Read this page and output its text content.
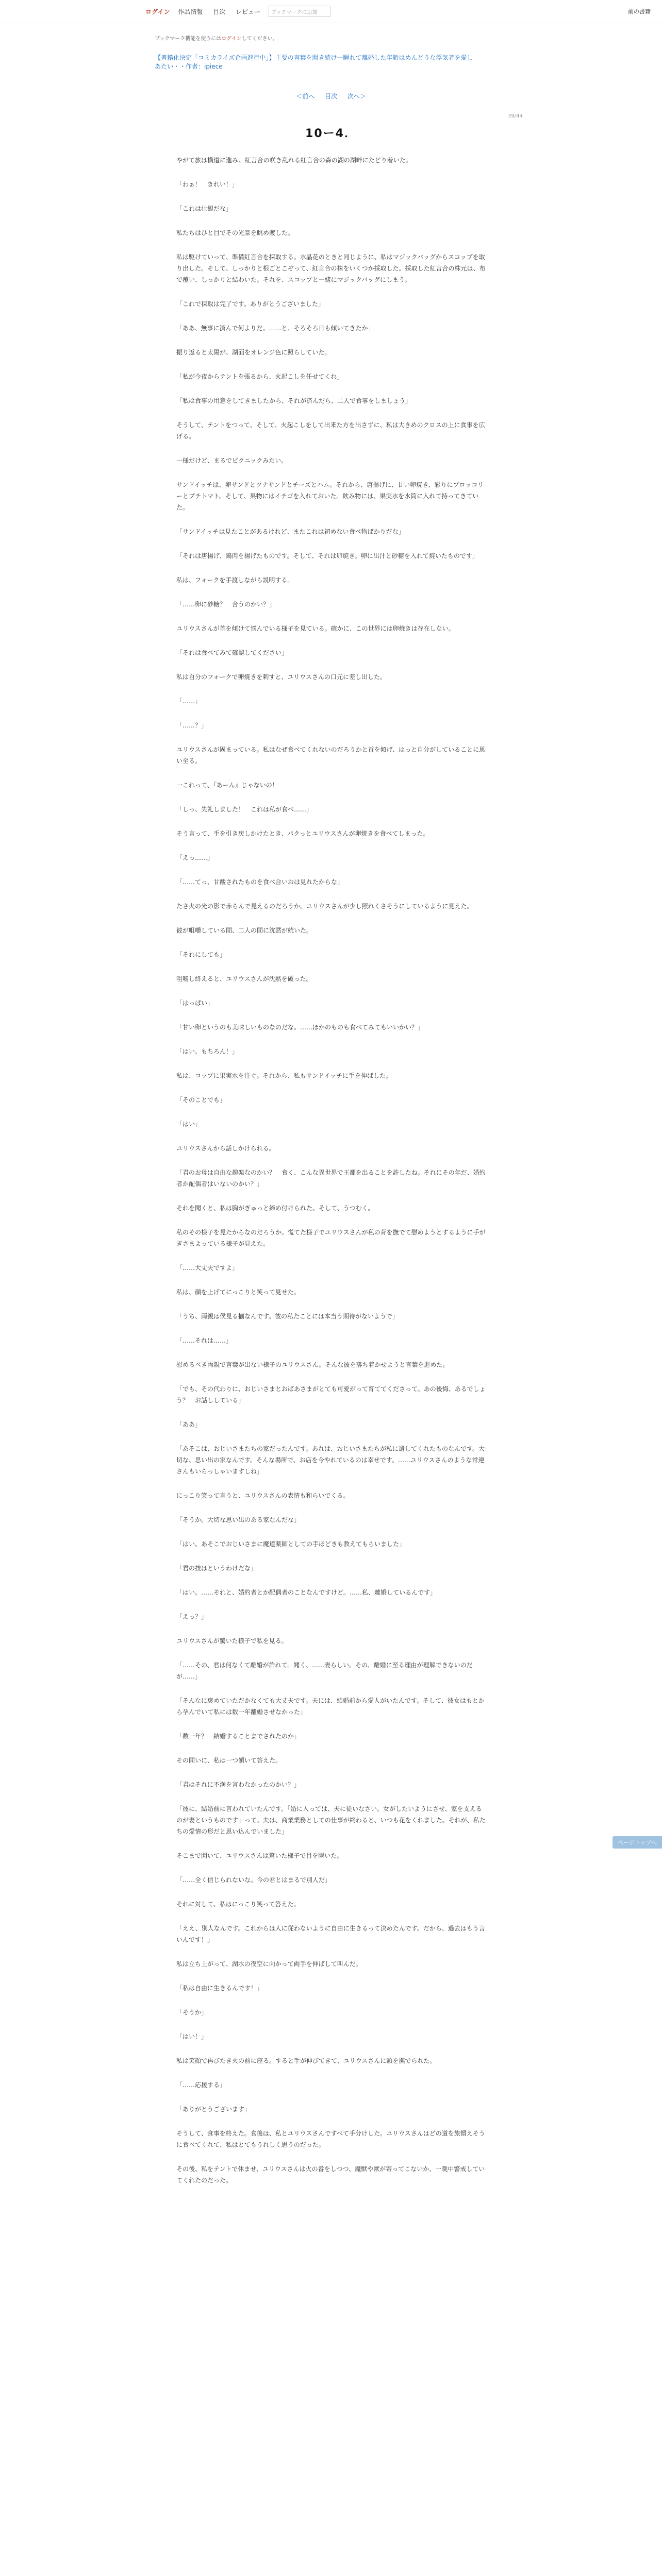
ログイン 作品情報 目次 レビュー	ブックマークに追加	前の書籍
ブックマーク機能を使うにはログインしてください。
【書籍化決定「コミカライズ企画進行中」】主要の言葉を聞き続け一瞬れて離婚した年齢はめんどうな浮気者を愛しあたい・・作者：ipiece
＜前へ 目次 次へ＞
39/44
10ー4．

やがて旅は横道に進み、紅言合の咲き乱れる紅言合の森の湖の湖畔にたどり着いた。

「わぁ！　きれい！」

「これは壮観だな」

私たちはひと目でその光景を眺め渡した。

私は駆けていって、準備紅言合を採取する。水晶花のときと同じように、私はマジックバッグからスコップを取り出した。そして、しっかりと根ごとこぞって、紅言合の株をいくつか採取した。採取した紅言合の株元は、布で覆い、しっかりと結わいた。それを、スコップと一緒にマジックバッグにしまう。

「これで採取は完了です。ありがとうございました」

「ああ、無事に済んで何よりだ。……と、そろそろ日も傾いてきたか」

振り返ると太陽が、湖面をオレンジ色に照らしていた。

「私が今夜からテントを張るから、火起こしを任せてくれ」

「私は食事の用意をしてきましたから、それが済んだら、二人で食事をしましょう」

そうして、テントをつって、そして、火起こしをして出来た方を出さずに、私は大きめのクロスの上に食事を広げる。

一様だけど、まるでピクニックみたい。

サンドイッチは、卵サンドとツナサンドとチーズとハム。それから、唐揚げに、甘い卵焼き、彩りにブロッコリーとプチトマト。そして、果物にはイチゴを入れておいた。飲み物には、果実水を水筒に入れて持ってきていた。

「サンドイッチは見たことがあるけれど、またこれは初めない食べ物ばかりだな」

「それは唐揚げ、鶏肉を揚げたものです。そして、それは卵焼き。卵に出汁と砂糖を入れて焼いたものです」

私は、フォークを手渡しながら説明する。

「……卵に砂糖？　合うのかい？」

ユリウスさんが首を傾けて悩んでいる様子を見ている。確かに、この世界には卵焼きは存在しない。

「それは食べてみて確認してください」

私は自分のフォークで卵焼きを刺すと、ユリウスさんの口元に差し出した。

「……」

「……？」

ユリウスさんが固まっている。私はなぜ食べてくれないのだろうかと首を傾げ、はっと自分がしていることに思い至る。

一これって、『あーん』じゃないの！

「しっ、失礼しました！　これは私が食べ……」

そう言って、手を引き戻しかけたとき、パクっとユリウスさんが卵焼きを食べてしまった。

「えっ……」

「……てっ、甘酸されたものを食べ合いおは見れたからな」

たさ火の光の影で赤らんで見えるのだろうか。ユリウスさんが少し照れくさそうにしているように見えた。

彼が咀嚼している間、二人の間に沈黙が続いた。

「それにしても」

咀嚼し終えると、ユリウスさんが沈黙を破った。

「はっぱい」

「甘い卵というのも美味しいものなのだな。……ほかのものも食べてみてもいいかい？」

「はい。もちろん！」

私は、コップに果実水を注ぐ。それから、私もサンドイッチに手を伸ばした。

「そのことでも」

「はい」

ユリウスさんから話しかけられる。

「君のお母は自由な趣楽なのかい？　食く、こんな異世界で王都を出ることを許したね。それにその年だ、婚約者か配偶者はいないのかい？」

それを聞くと、私は胸がぎゅっと締め付けられた。そして、うつむく。

私のその様子を見たからなのだろうか。慌てた様子でユリウスさんが私の背を撫でて慰めようとするように手がぎさまよっている様子が見えた。

「……大丈夫ですよ」

私は、顔を上げてにっこりと笑って見せた。

「うち、両親は侯見る揃なんです。彼の私たことには本当う期待がないようで」

「……それは……」

慰めるべき両親で言葉が出ない様子のユリウスさん。そんな彼を落ち着かせようと言葉を進めた。

「でも、その代わりに、おじいさまとおばあさまがとても可愛がって育ててくださって。あの後悔、あるでしょう？　お話ししている」

「ああ」

「あそこは、おじいさまたちの家だったんです。あれは、おじいさまたちが私に遺してくれたものなんです。大切な、思い出の家なんです。そんな場所で、お店を今やれているのは幸せです。……ユリウスさんのような常連さんもいらっしゃいますしね」

にっこり笑って言うと、ユリウスさんの表情も和らいでくる。

「そうか。大切な思い出のある家なんだな」

「はい。あそこでおじいさまに魔道薬師としての手ほどきも教えてもらいました」

「君の技はというわけだな」

「はい。……それと、婚約者とか配偶者のことなんですけど。……私、離婚しているんです」

「えっ？」

ユリウスさんが驚いた様子で私を見る。

「……その、君は何なくて離婚が許れて。聞く、……妻らしい。その、離婚に至る理由が理解できないのだが……」

「そんなに褒めていただかなくても大丈夫です。夫には、結婚前から愛人がいたんです。そして、彼女はもとから孕んでいて私には数一年離婚させなかった」

「数一年？　結婚することまでされたのか」

その問いに、私は一つ頷いて答えた。

「君はそれに不満を言わなかったのかい？」

「彼に、結婚前に言われていたんです。「婚に入っては、夫に従いなさい。女がしたいようにさせ、家を支えるのが妻というものです」って。夫は、商業業務としての仕事が終わると、いつも花をくれました。それが、私たちの愛情の形だと思い込んでいました」

そこまで聞いて、ユリウスさんは驚いた様子で目を瞬いた。

「……全く信じられないな。今の君とはまるで別人だ」

それに対して、私はにっこり笑って答えた。

「ええ、別人なんです。これからは人に従わないように自由に生きるって決めたんです。だから、過去はもう言いんです！」

私は立ち上がって、湖水の夜空に向かって両手を伸ばして叫んだ。

「私は自由に生きるんです！」

「そうか」

「はい！」

私は笑顔で再びたき火の前に座る。すると手が伸びてきて、ユリウスさんに頭を撫でられた。

「……応援する」

「ありがとうございます」

そうして、食事を終えた。食後は、私とユリウスさんですべて手分けした。ユリウスさんはどの道を旅慣えそうに食べてくれて、私はとてもうれしく思うのだった。

その後、私をテントで休ませ、ユリウスさんは火の番をしつつ、魔獣や獣が寄ってこないか、一晩中警戒していてくれたのだった。

ページトップへ
